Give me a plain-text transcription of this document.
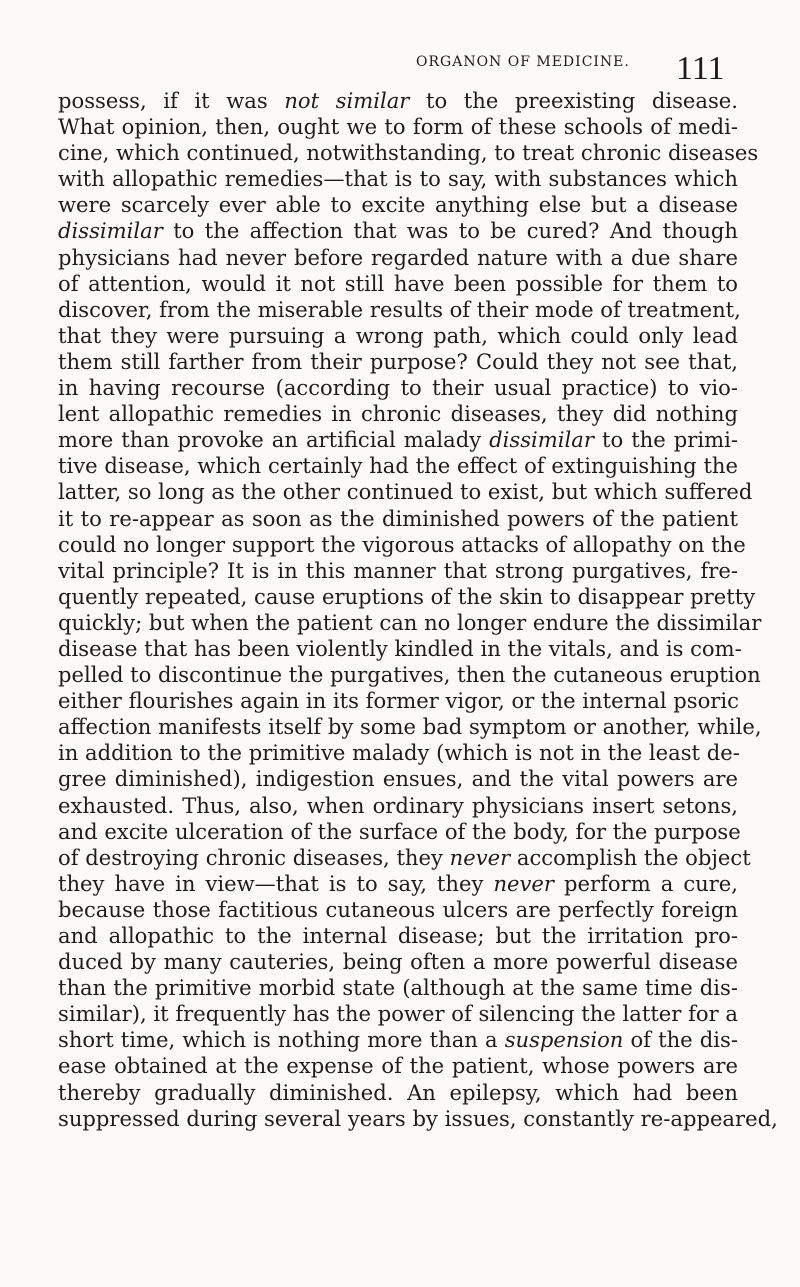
ORGANON OF MEDICINE.	111
possess, if it was not similar to the preexisting disease.
What opinion, then, ought we to form of these schools of medi-
cine, which continued, notwithstanding, to treat chronic diseases
with allopathic remedies—that is to say, with substances which
were scarcely ever able to excite anything else but a disease
dissimilar to the affection that was to be cured? And though
physicians had never before regarded nature with a due share
of attention, would it not still have been possible for them to
discover, from the miserable results of their mode of treatment,
that they were pursuing a wrong path, which could only lead
them still farther from their purpose? Could they not see that,
in having recourse (according to their usual practice) to vio-
lent allopathic remedies in chronic diseases, they did nothing
more than provoke an artificial malady dissimilar to the primi-
tive disease, which certainly had the effect of extinguishing the
latter, so long as the other continued to exist, but which suffered
it to re-appear as soon as the diminished powers of the patient
could no longer support the vigorous attacks of allopathy on the
vital principle? It is in this manner that strong purgatives, fre-
quently repeated, cause eruptions of the skin to disappear pretty
quickly; but when the patient can no longer endure the dissimilar
disease that has been violently kindled in the vitals, and is com-
pelled to discontinue the purgatives, then the cutaneous eruption
either flourishes again in its former vigor, or the internal psoric
affection manifests itself by some bad symptom or another, while,
in addition to the primitive malady (which is not in the least de-
gree diminished), indigestion ensues, and the vital powers are
exhausted. Thus, also, when ordinary physicians insert setons,
and excite ulceration of the surface of the body, for the purpose
of destroying chronic diseases, they never accomplish the object
they have in view—that is to say, they never perform a cure,
because those factitious cutaneous ulcers are perfectly foreign
and allopathic to the internal disease; but the irritation pro-
duced by many cauteries, being often a more powerful disease
than the primitive morbid state (although at the same time dis-
similar), it frequently has the power of silencing the latter for a
short time, which is nothing more than a suspension of the dis-
ease obtained at the expense of the patient, whose powers are
thereby gradually diminished. An epilepsy, which had been
suppressed during several years by issues, constantly re-appeared,
